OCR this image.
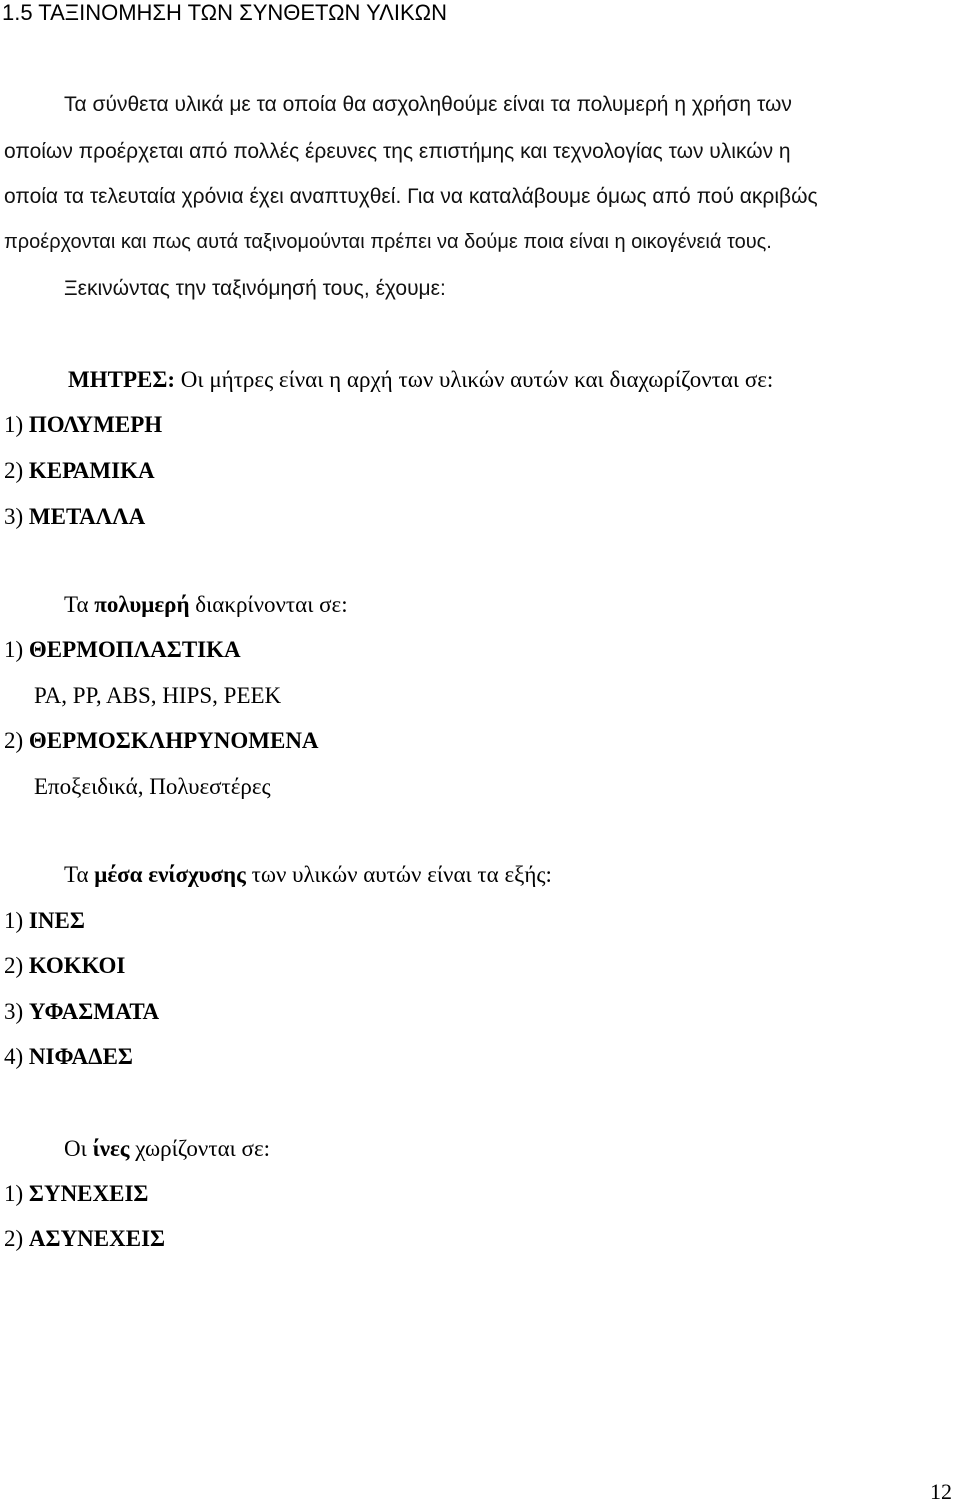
1.5 ΤΑΞΙΝΟΜΗΣΗ ΤΩΝ ΣΥΝΘΕΤΩΝ ΥΛΙΚΩΝ
Τα σύνθετα υλικά με τα οποία θα ασχοληθούμε είναι τα πολυμερή η χρήση των
οποίων προέρχεται από πολλές έρευνες της επιστήμης και τεχνολογίας των υλικών η
οποία τα τελευταία χρόνια έχει αναπτυχθεί. Για να καταλάβουμε όμως από πού ακριβώς
προέρχονται και πως αυτά ταξινομούνται πρέπει να δούμε ποια είναι η οικογένειά τους.
Ξεκινώντας την ταξινόμησή τους, έχουμε:
ΜΗΤΡΕΣ: Οι μήτρες είναι η αρχή των υλικών αυτών και διαχωρίζονται σε:
1) ΠΟΛΥΜΕΡΗ
2) ΚΕΡΑΜΙΚΑ
3) ΜΕΤΑΛΛΑ
Τα πολυμερή διακρίνονται σε:
1) ΘΕΡΜΟΠΛΑΣΤΙΚΑ
PA, PP, ABS, HIPS, PEEK
2) ΘΕΡΜΟΣΚΛΗΡΥΝΟΜΕΝΑ
Εποξειδικά, Πολυεστέρες
Τα μέσα ενίσχυσης των υλικών αυτών είναι τα εξής:
1) ΙΝΕΣ
2) ΚΟΚΚΟΙ
3) ΥΦΑΣΜΑΤΑ
4) ΝΙΦΑΔΕΣ
Οι ίνες χωρίζονται σε:
1) ΣΥΝΕΧΕΙΣ
2) ΑΣΥΝΕΧΕΙΣ
12
